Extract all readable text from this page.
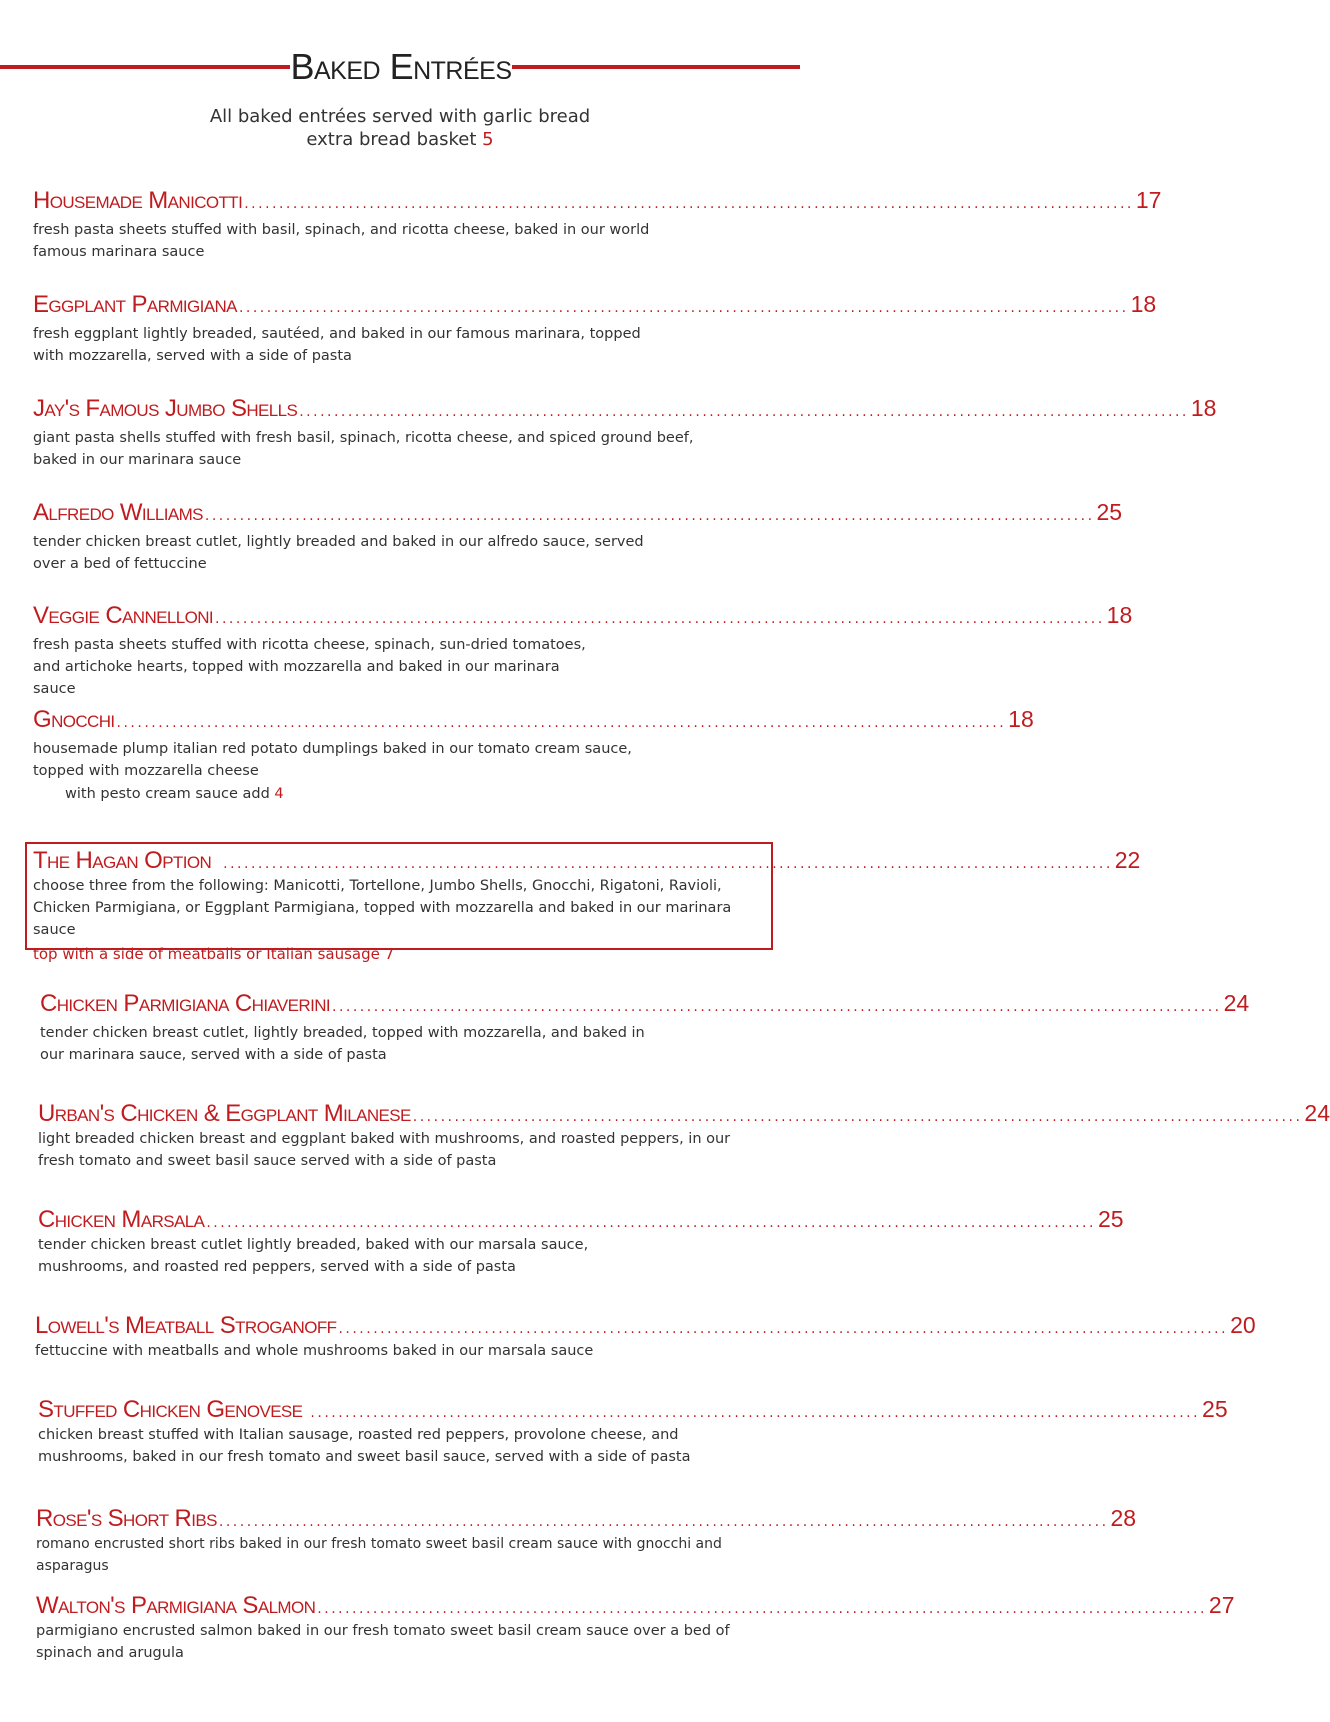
Baked Entrées
All baked entrées served with garlic bread
extra bread basket 5
Housemade Manicotti ................................................................................................................................ 17
fresh pasta sheets stuffed with basil, spinach, and ricotta cheese, baked in our world famous marinara sauce
Eggplant Parmigiana ................................................................................................................................ 18
fresh eggplant lightly breaded, sautéed, and baked in our famous marinara, topped with mozzarella, served with a side of pasta
Jay's Famous Jumbo Shells ................................................................................................................................ 18
giant pasta shells stuffed with fresh basil, spinach, ricotta cheese, and spiced ground beef, baked in our marinara sauce
Alfredo Williams ................................................................................................................................ 25
tender chicken breast cutlet, lightly breaded and baked in our alfredo sauce, served over a bed of fettuccine
Veggie Cannelloni ................................................................................................................................ 18
fresh pasta sheets stuffed with ricotta cheese, spinach, sun-dried tomatoes, and artichoke hearts, topped with mozzarella and baked in our marinara sauce
Gnocchi ................................................................................................................................ 18
housemade plump italian red potato dumplings baked in our tomato cream sauce, topped with mozzarella cheese
with pesto cream sauce add 4
The Hagan Option ................................................................................................................................ 22
choose three from the following: Manicotti, Tortellone, Jumbo Shells, Gnocchi, Rigatoni, Ravioli, Chicken Parmigiana, or Eggplant Parmigiana, topped with mozzarella and baked in our marinara sauce
top with a side of meatballs or Italian sausage 7
Chicken Parmigiana Chiaverini ................................................................................................................................ 24
tender chicken breast cutlet, lightly breaded, topped with mozzarella, and baked in our marinara sauce, served with a side of pasta
Urban's Chicken & Eggplant Milanese ................................................................................................................................ 24
light breaded chicken breast and eggplant baked with mushrooms, and roasted peppers, in our fresh tomato and sweet basil sauce served with a side of pasta
Chicken Marsala ................................................................................................................................ 25
tender chicken breast cutlet lightly breaded, baked with our marsala sauce, mushrooms, and roasted red peppers, served with a side of pasta
Lowell's Meatball Stroganoff ................................................................................................................................ 20
fettuccine with meatballs and whole mushrooms baked in our marsala sauce
Stuffed Chicken Genovese ................................................................................................................................ 25
chicken breast stuffed with Italian sausage, roasted red peppers, provolone cheese, and mushrooms, baked in our fresh tomato and sweet basil sauce, served with a side of pasta
Rose's Short Ribs ................................................................................................................................ 28
romano encrusted short ribs baked in our fresh tomato sweet basil cream sauce with gnocchi and asparagus
Walton's Parmigiana Salmon ................................................................................................................................ 27
parmigiano encrusted salmon baked in our fresh tomato sweet basil cream sauce over a bed of spinach and arugula
